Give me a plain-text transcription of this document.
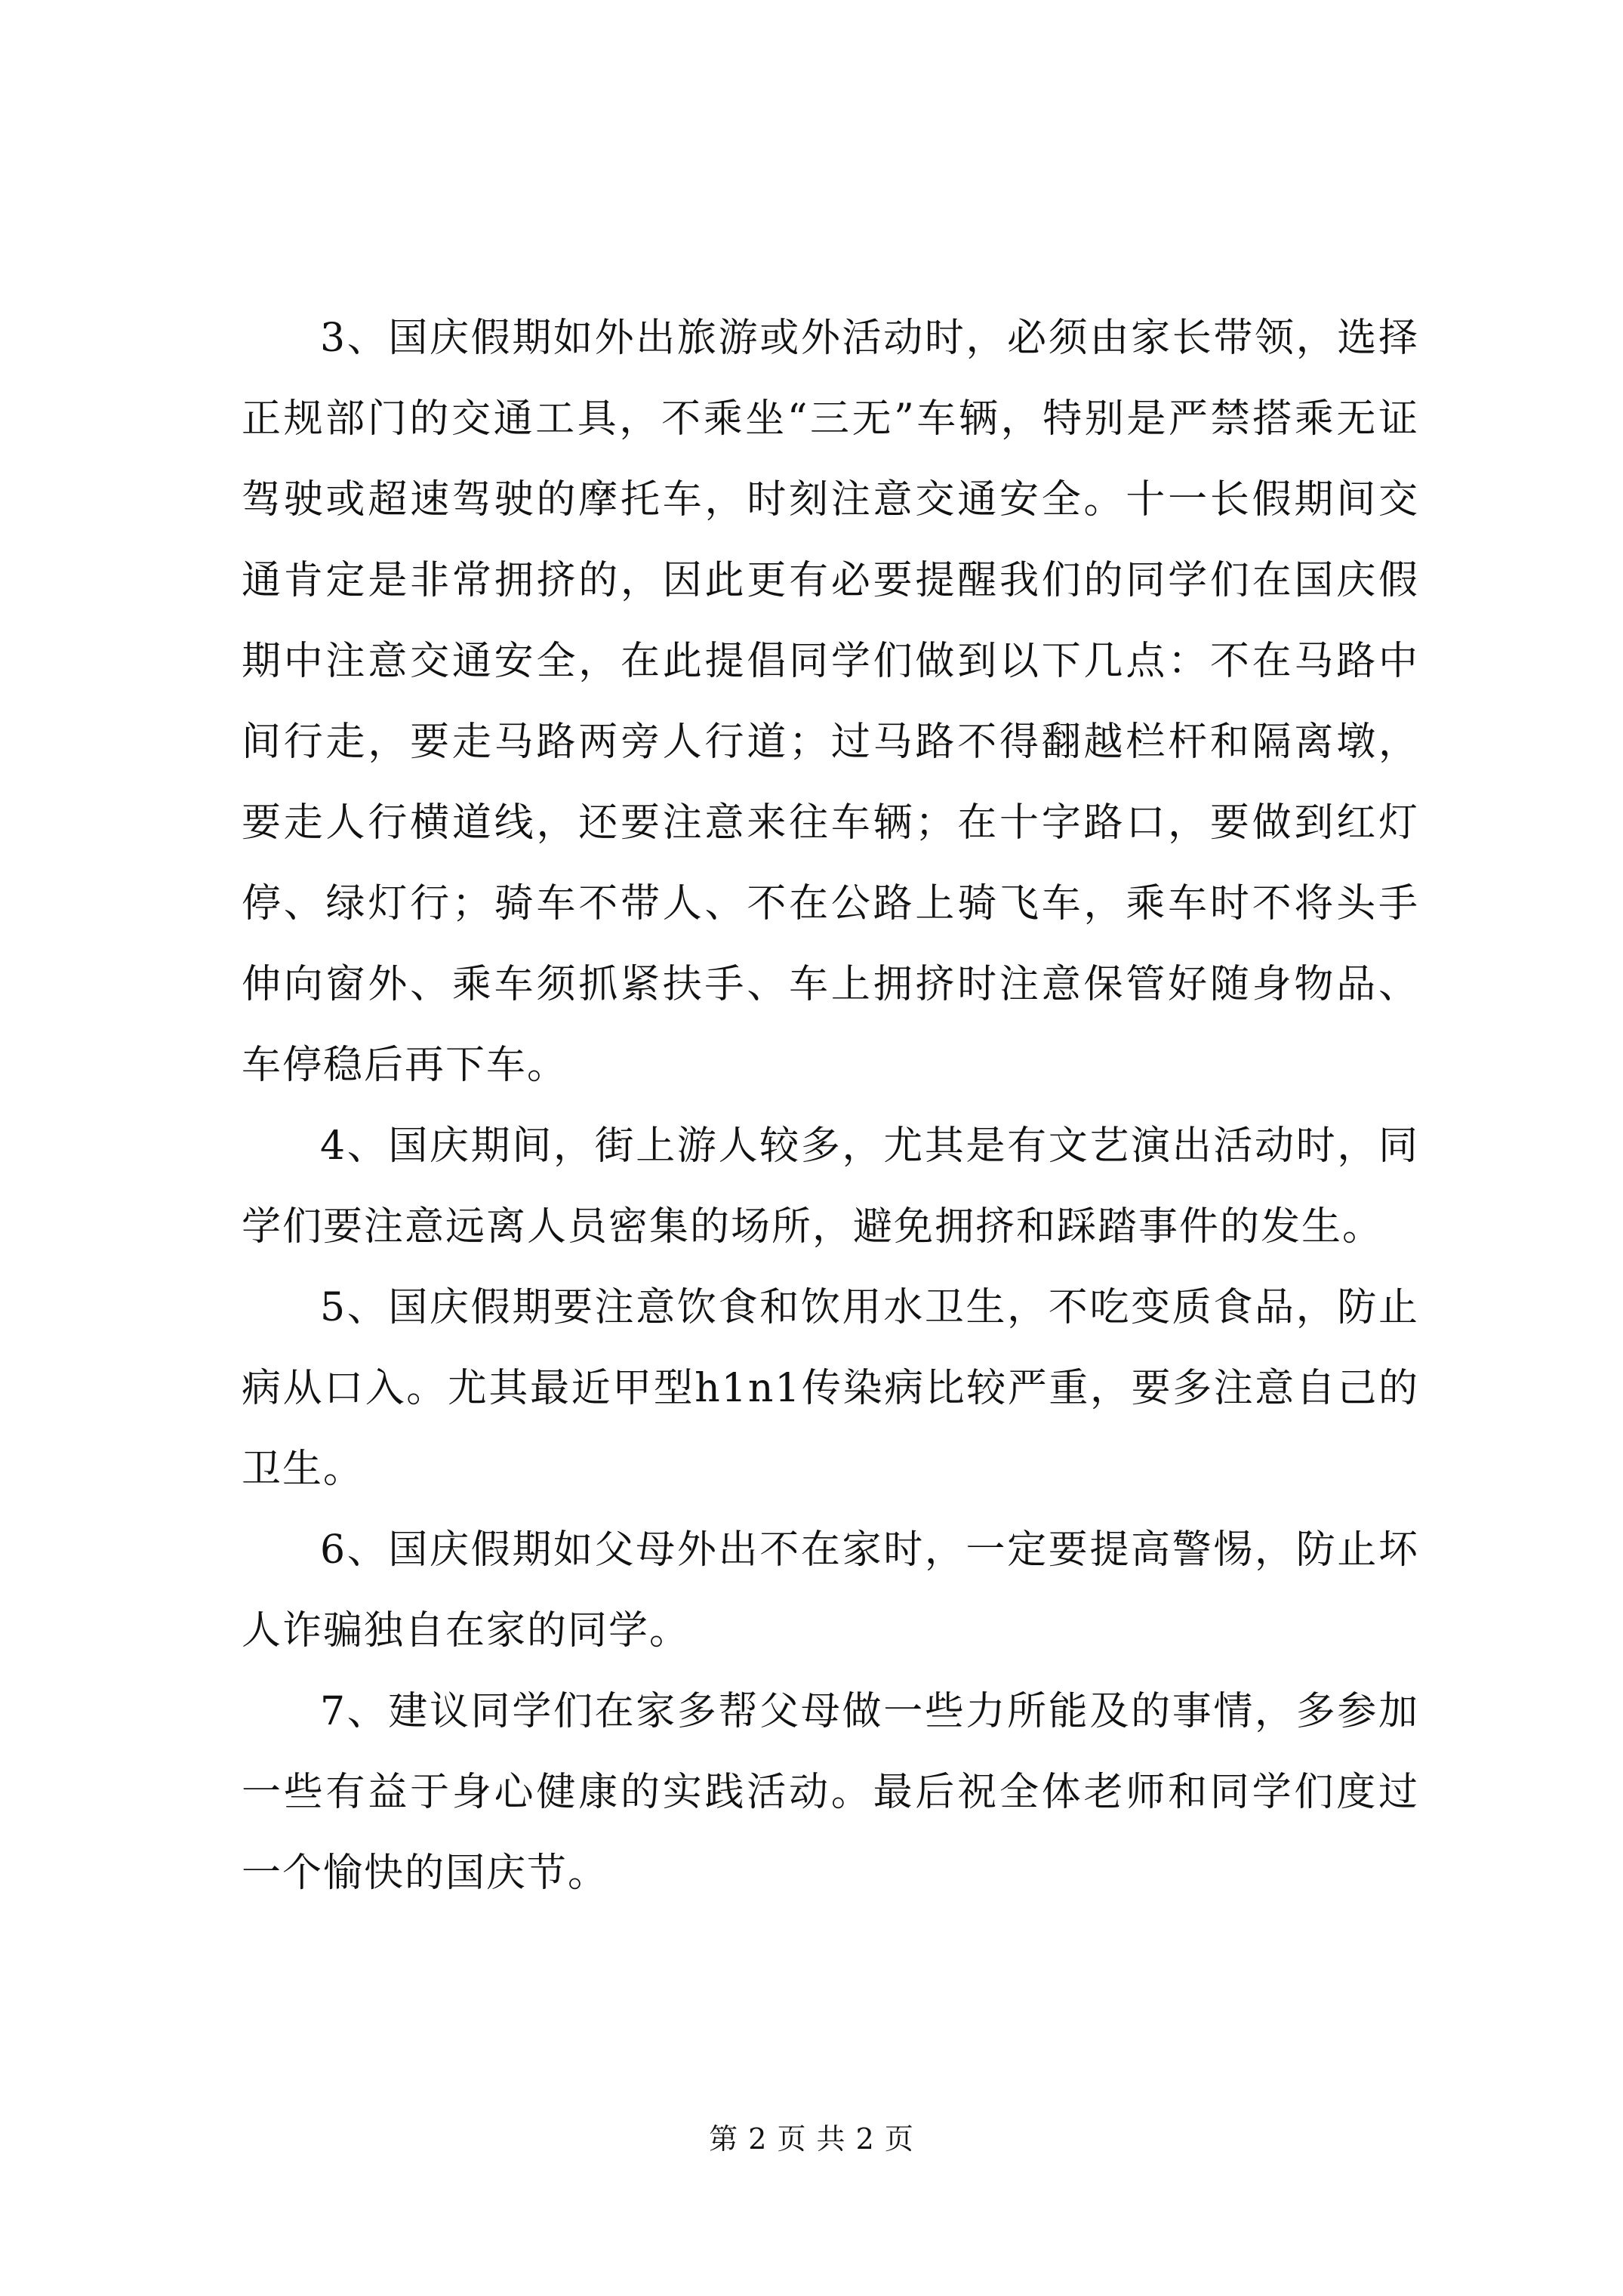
3、国庆假期如外出旅游或外活动时，必须由家长带领，选择正规部门的交通工具，不乘坐“三无”车辆，特别是严禁搭乘无证驾驶或超速驾驶的摩托车，时刻注意交通安全。十一长假期间交通肯定是非常拥挤的，因此更有必要提醒我们的同学们在国庆假期中注意交通安全，在此提倡同学们做到以下几点：不在马路中间行走，要走马路两旁人行道；过马路不得翻越栏杆和隔离墩，要走人行横道线，还要注意来往车辆；在十字路口，要做到红灯停、绿灯行；骑车不带人、不在公路上骑飞车，乘车时不将头手伸向窗外、乘车须抓紧扶手、车上拥挤时注意保管好随身物品、车停稳后再下车。

4、国庆期间，街上游人较多，尤其是有文艺演出活动时，同学们要注意远离人员密集的场所，避免拥挤和踩踏事件的发生。

5、国庆假期要注意饮食和饮用水卫生，不吃变质食品，防止病从口入。尤其最近甲型h1n1传染病比较严重，要多注意自己的卫生。

6、国庆假期如父母外出不在家时，一定要提高警惕，防止坏人诈骗独自在家的同学。

7、建议同学们在家多帮父母做一些力所能及的事情，多参加一些有益于身心健康的实践活动。最后祝全体老师和同学们度过一个愉快的国庆节。

第 2 页 共 2 页
